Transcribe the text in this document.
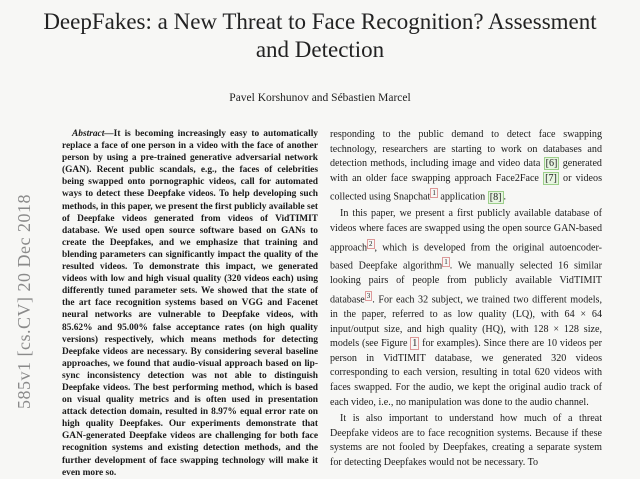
DeepFakes: a New Threat to Face Recognition? Assessment and Detection
Pavel Korshunov and Sébastien Marcel
585v1 [cs.CV] 20 Dec 2018

Abstract—It is becoming increasingly easy to automatically replace a face of one person in a video with the face of another person by using a pre-trained generative adversarial network (GAN). Recent public scandals, e.g., the faces of celebrities being swapped onto pornographic videos, call for automated ways to detect these Deepfake videos. To help developing such methods, in this paper, we present the first publicly available set of Deepfake videos generated from videos of VidTIMIT database. We used open source software based on GANs to create the Deepfakes, and we emphasize that training and blending parameters can significantly impact the quality of the resulted videos. To demonstrate this impact, we generated videos with low and high visual quality (320 videos each) using differently tuned parameter sets. We showed that the state of the art face recognition systems based on VGG and Facenet neural networks are vulnerable to Deepfake videos, with 85.62% and 95.00% false acceptance rates (on high quality versions) respectively, which means methods for detecting Deepfake videos are necessary. By considering several baseline approaches, we found that audio-visual approach based on lip-sync inconsistency detection was not able to distinguish Deepfake videos. The best performing method, which is based on visual quality metrics and is often used in presentation attack detection domain, resulted in 8.97% equal error rate on high quality Deepfakes. Our experiments demonstrate that GAN-generated Deepfake videos are challenging for both face recognition systems and existing detection methods, and the further development of face swapping technology will make it even more so.

responding to the public demand to detect face swapping technology, researchers are starting to work on databases and detection methods, including image and video data [6] generated with an older face swapping approach Face2Face [7] or videos collected using Snapchat $^1$ application [8] .

In this paper, we present a first publicly available database of videos where faces are swapped using the open source GAN-based approach $^2$ , which is developed from the original autoencoder-based Deepfake algorithm $^1$ . We manually selected 16 similar looking pairs of people from publicly available VidTIMIT database $^3$ . For each 32 subject, we trained two different models, in the paper, referred to as low quality (LQ), with 64 × 64 input/output size, and high quality (HQ), with 128 × 128 size, models (see Figure 1 for examples). Since there are 10 videos per person in VidTIMIT database, we generated 320 videos corresponding to each version, resulting in total 620 videos with faces swapped. For the audio, we kept the original audio track of each video, i.e., no manipulation was done to the audio channel.

It is also important to understand how much of a threat Deepfake videos are to face recognition systems. Because if these systems are not fooled by Deepfakes, creating a separate system for detecting Deepfakes would not be necessary. To
